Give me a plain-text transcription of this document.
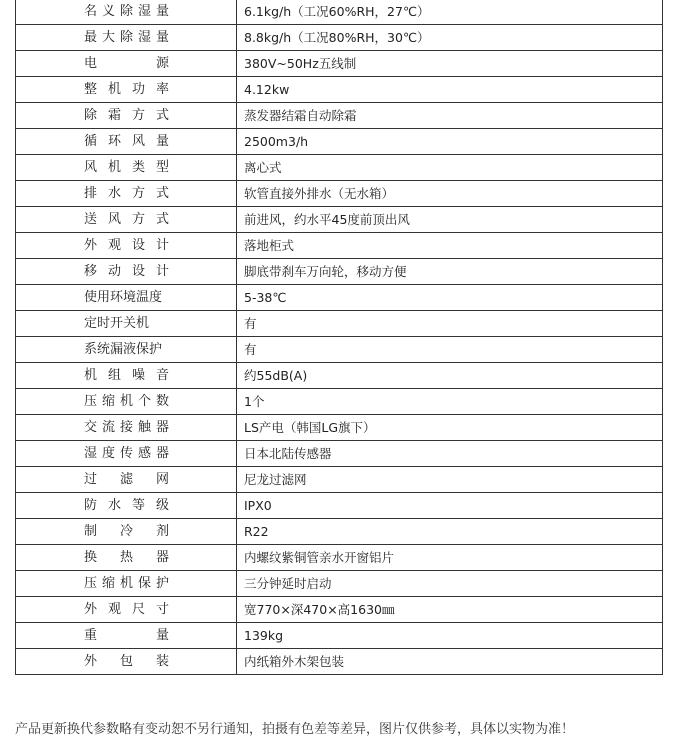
名义除湿量	6.1kg/h（工况60%RH，27℃）
最大除湿量	8.8kg/h（工况80%RH，30℃）
电源	380V~50Hz五线制
整机功率	4.12kw
除霜方式	蒸发器结霜自动除霜
循环风量	2500m3/h
风机类型	离心式
排水方式	软管直接外排水（无水箱）
送风方式	前进风，约水平45度前顶出风
外观设计	落地柜式
移动设计	脚底带刹车万向轮，移动方便
使用环境温度	5-38℃
定时开关机	有
系统漏液保护	有
机组噪音	约55dB(A)
压缩机个数	1个
交流接触器	LS产电（韩国LG旗下）
湿度传感器	日本北陆传感器
过滤网	尼龙过滤网
防水等级	IPX0
制冷剂	R22
换热器	内螺纹紫铜管亲水开窗铝片
压缩机保护	三分钟延时启动
外观尺寸	宽770×深470×高1630㎜
重量	139kg
外包装	内纸箱外木架包装
产品更新换代参数略有变动恕不另行通知，拍摄有色差等差异，图片仅供参考，具体以实物为准！
